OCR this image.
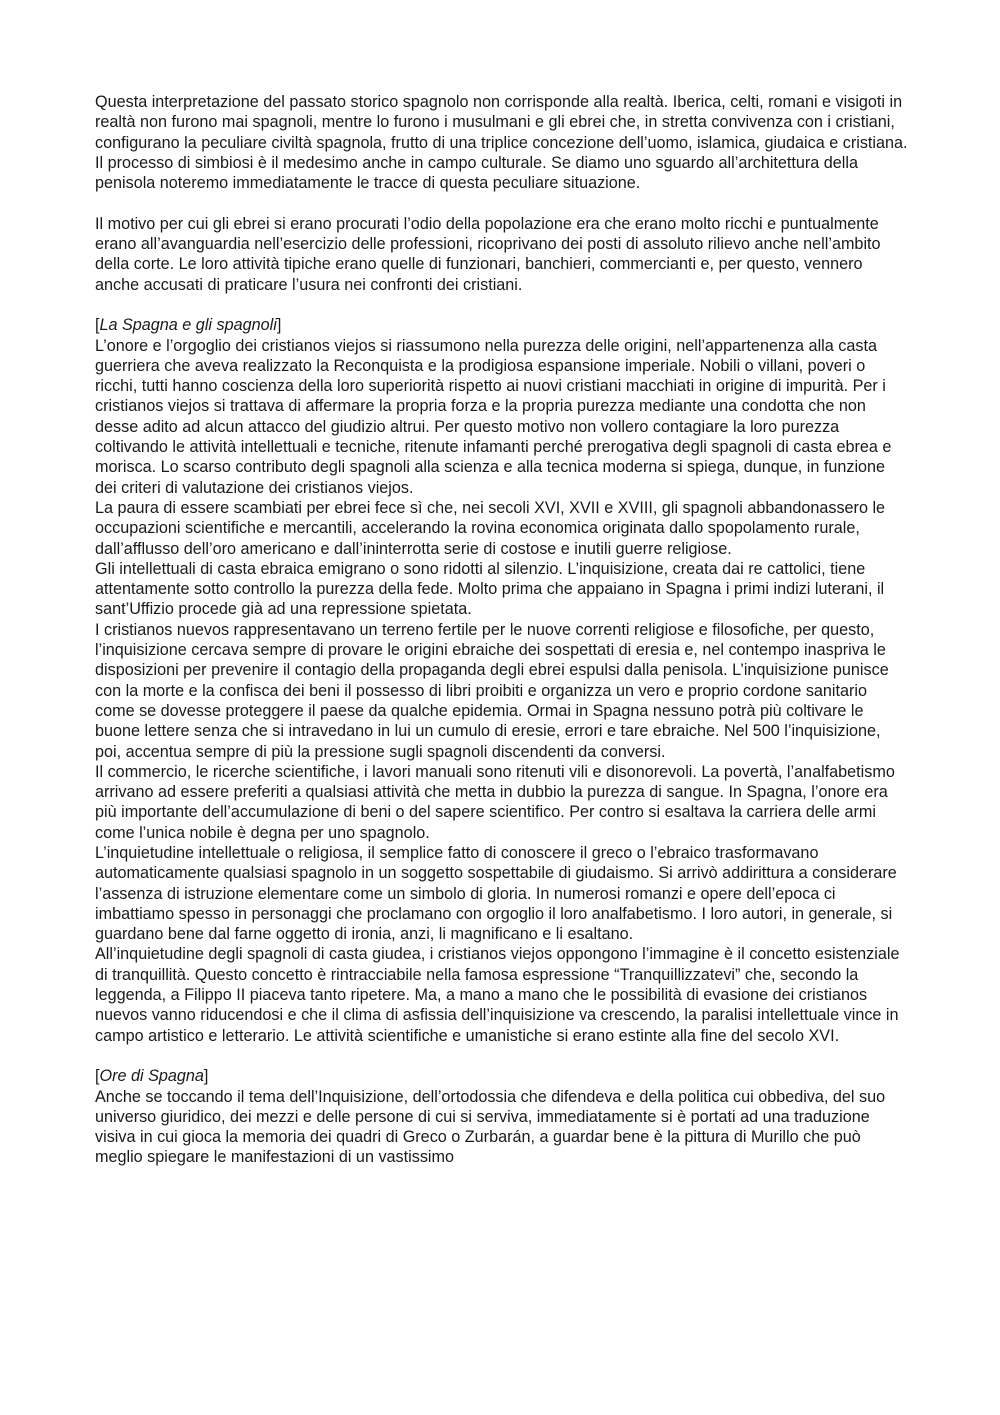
Questa interpretazione del passato storico spagnolo non corrisponde alla realtà. Iberica, celti, romani e visigoti in realtà non furono mai spagnoli, mentre lo furono i musulmani e gli ebrei che, in stretta convivenza con i cristiani, configurano la peculiare civiltà spagnola, frutto di una triplice concezione dell’uomo, islamica, giudaica e cristiana. Il processo di simbiosi è il medesimo anche in campo culturale. Se diamo uno sguardo all’architettura della penisola noteremo immediatamente le tracce di questa peculiare situazione.

Il motivo per cui gli ebrei si erano procurati l’odio della popolazione era che erano molto ricchi e puntualmente erano all’avanguardia nell’esercizio delle professioni, ricoprivano dei posti di assoluto rilievo anche nell’ambito della corte. Le loro attività tipiche erano quelle di funzionari, banchieri, commercianti e, per questo, vennero anche accusati di praticare l’usura nei confronti dei cristiani.

[La Spagna e gli spagnoli]

L’onore e l’orgoglio dei cristianos viejos si riassumono nella purezza delle origini, nell’appartenenza alla casta guerriera che aveva realizzato la Reconquista e la prodigiosa espansione imperiale. Nobili o villani, poveri o ricchi, tutti hanno coscienza della loro superiorità rispetto ai nuovi cristiani macchiati in origine di impurità. Per i cristianos viejos si trattava di affermare la propria forza e la propria purezza mediante una condotta che non desse adito ad alcun attacco del giudizio altrui. Per questo motivo non vollero contagiare la loro purezza coltivando le attività intellettuali e tecniche, ritenute infamanti perché prerogativa degli spagnoli di casta ebrea e morisca. Lo scarso contributo degli spagnoli alla scienza e alla tecnica moderna si spiega, dunque, in funzione dei criteri di valutazione dei cristianos viejos.

La paura di essere scambiati per ebrei fece sì che, nei secoli XVI, XVII e XVIII, gli spagnoli abbandonassero le occupazioni scientifiche e mercantili, accelerando la rovina economica originata dallo spopolamento rurale, dall’afflusso dell’oro americano e dall’ininterrotta serie di costose e inutili guerre religiose.

Gli intellettuali di casta ebraica emigrano o sono ridotti al silenzio. L’inquisizione, creata dai re cattolici, tiene attentamente sotto controllo la purezza della fede. Molto prima che appaiano in Spagna i primi indizi luterani, il sant’Uffizio procede già ad una repressione spietata.

I cristianos nuevos rappresentavano un terreno fertile per le nuove correnti religiose e filosofiche, per questo, l’inquisizione cercava sempre di provare le origini ebraiche dei sospettati di eresia e, nel contempo inaspriva le disposizioni per prevenire il contagio della propaganda degli ebrei espulsi dalla penisola. L’inquisizione punisce con la morte e la confisca dei beni il possesso di libri proibiti e organizza un vero e proprio cordone sanitario come se dovesse proteggere il paese da qualche epidemia. Ormai in Spagna nessuno potrà più coltivare le buone lettere senza che si intravedano in lui un cumulo di eresie, errori e tare ebraiche. Nel 500 l’inquisizione, poi, accentua sempre di più la pressione sugli spagnoli discendenti da conversi.

Il commercio, le ricerche scientifiche, i lavori manuali sono ritenuti vili e disonorevoli. La povertà, l’analfabetismo arrivano ad essere preferiti a qualsiasi attività che metta in dubbio la purezza di sangue. In Spagna, l’onore era più importante dell’accumulazione di beni o del sapere scientifico. Per contro si esaltava la carriera delle armi come l’unica nobile è degna per uno spagnolo.

L’inquietudine intellettuale o religiosa, il semplice fatto di conoscere il greco o l’ebraico trasformavano automaticamente qualsiasi spagnolo in un soggetto sospettabile di giudaismo. Si arrivò addirittura a considerare l’assenza di istruzione elementare come un simbolo di gloria. In numerosi romanzi e opere dell’epoca ci imbattiamo spesso in personaggi che proclamano con orgoglio il loro analfabetismo. I loro autori, in generale, si guardano bene dal farne oggetto di ironia, anzi, li magnificano e li esaltano.

All’inquietudine degli spagnoli di casta giudea, i cristianos viejos oppongono l’immagine è il concetto esistenziale di tranquillità. Questo concetto è rintracciabile nella famosa espressione “Tranquillizzatevi” che, secondo la leggenda, a Filippo II piaceva tanto ripetere. Ma, a mano a mano che le possibilità di evasione dei cristianos nuevos vanno riducendosi e che il clima di asfissia dell’inquisizione va crescendo, la paralisi intellettuale vince in campo artistico e letterario. Le attività scientifiche e umanistiche si erano estinte alla fine del secolo XVI.

[Ore di Spagna]

Anche se toccando il tema dell’Inquisizione, dell’ortodossia che difendeva e della politica cui obbediva, del suo universo giuridico, dei mezzi e delle persone di cui si serviva, immediatamente si è portati ad una traduzione visiva in cui gioca la memoria dei quadri di Greco o Zurbarán, a guardar bene è la pittura di Murillo che può meglio spiegare le manifestazioni di un vastissimo
